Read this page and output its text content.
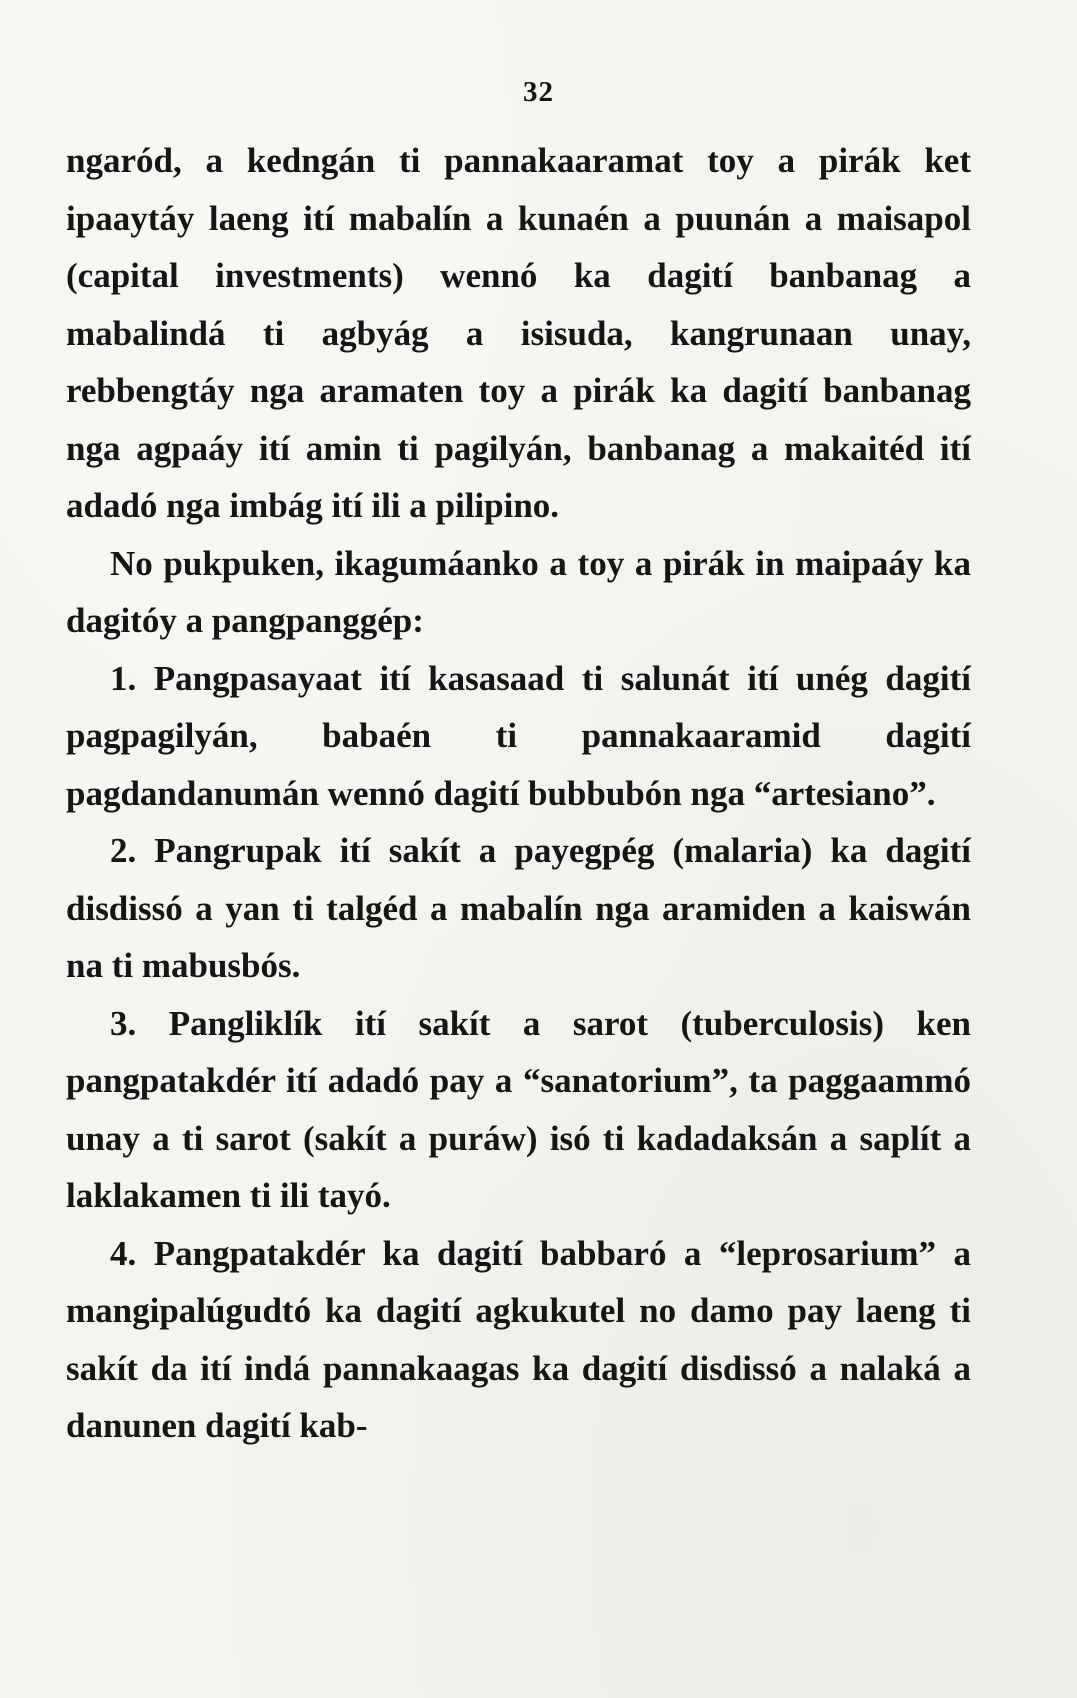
32

ngaród, a kedngán ti pannakaaramat toy a pirák ket ipaaytáy laeng ití mabalín a kunaén a puunán a maisapol (capital investments) wennó ka dagití banbanag a mabalindá ti agbyág a isisuda, kangrunaan unay, rebbengtáy nga aramaten toy a pirák ka dagití banbanag nga agpaáy ití amin ti pagilyán, banbanag a makaitéd ití adadó nga imbág ití ili a pilipino.

No pukpuken, ikagumáanko a toy a pirák in maipaáy ka dagitóy a pangpanggép:

1. Pangpasayaat ití kasasaad ti salunát ití unég dagití pagpagilyán, babaén ti pannakaaramid dagití pagdandanumán wennó dagití bubbubón nga “artesiano”.

2. Pangrupak ití sakít a payegpég (malaria) ka dagití disdissó a yan ti talgéd a mabalín nga aramiden a kaiswán na ti mabusbós.

3. Pangliklík ití sakít a sarot (tuberculosis) ken pangpatakdér ití adadó pay a “sanatorium”, ta paggaammó unay a ti sarot (sakít a puráw) isó ti kadadaksán a saplít a laklakamen ti ili tayó.

4. Pangpatakdér ka dagití babbaró a “leprosarium” a mangipalúgudtó ka dagití agkukutel no damo pay laeng ti sakít da ití indá pannakaagas ka dagití disdissó a nalaká a danunen dagití kab-
